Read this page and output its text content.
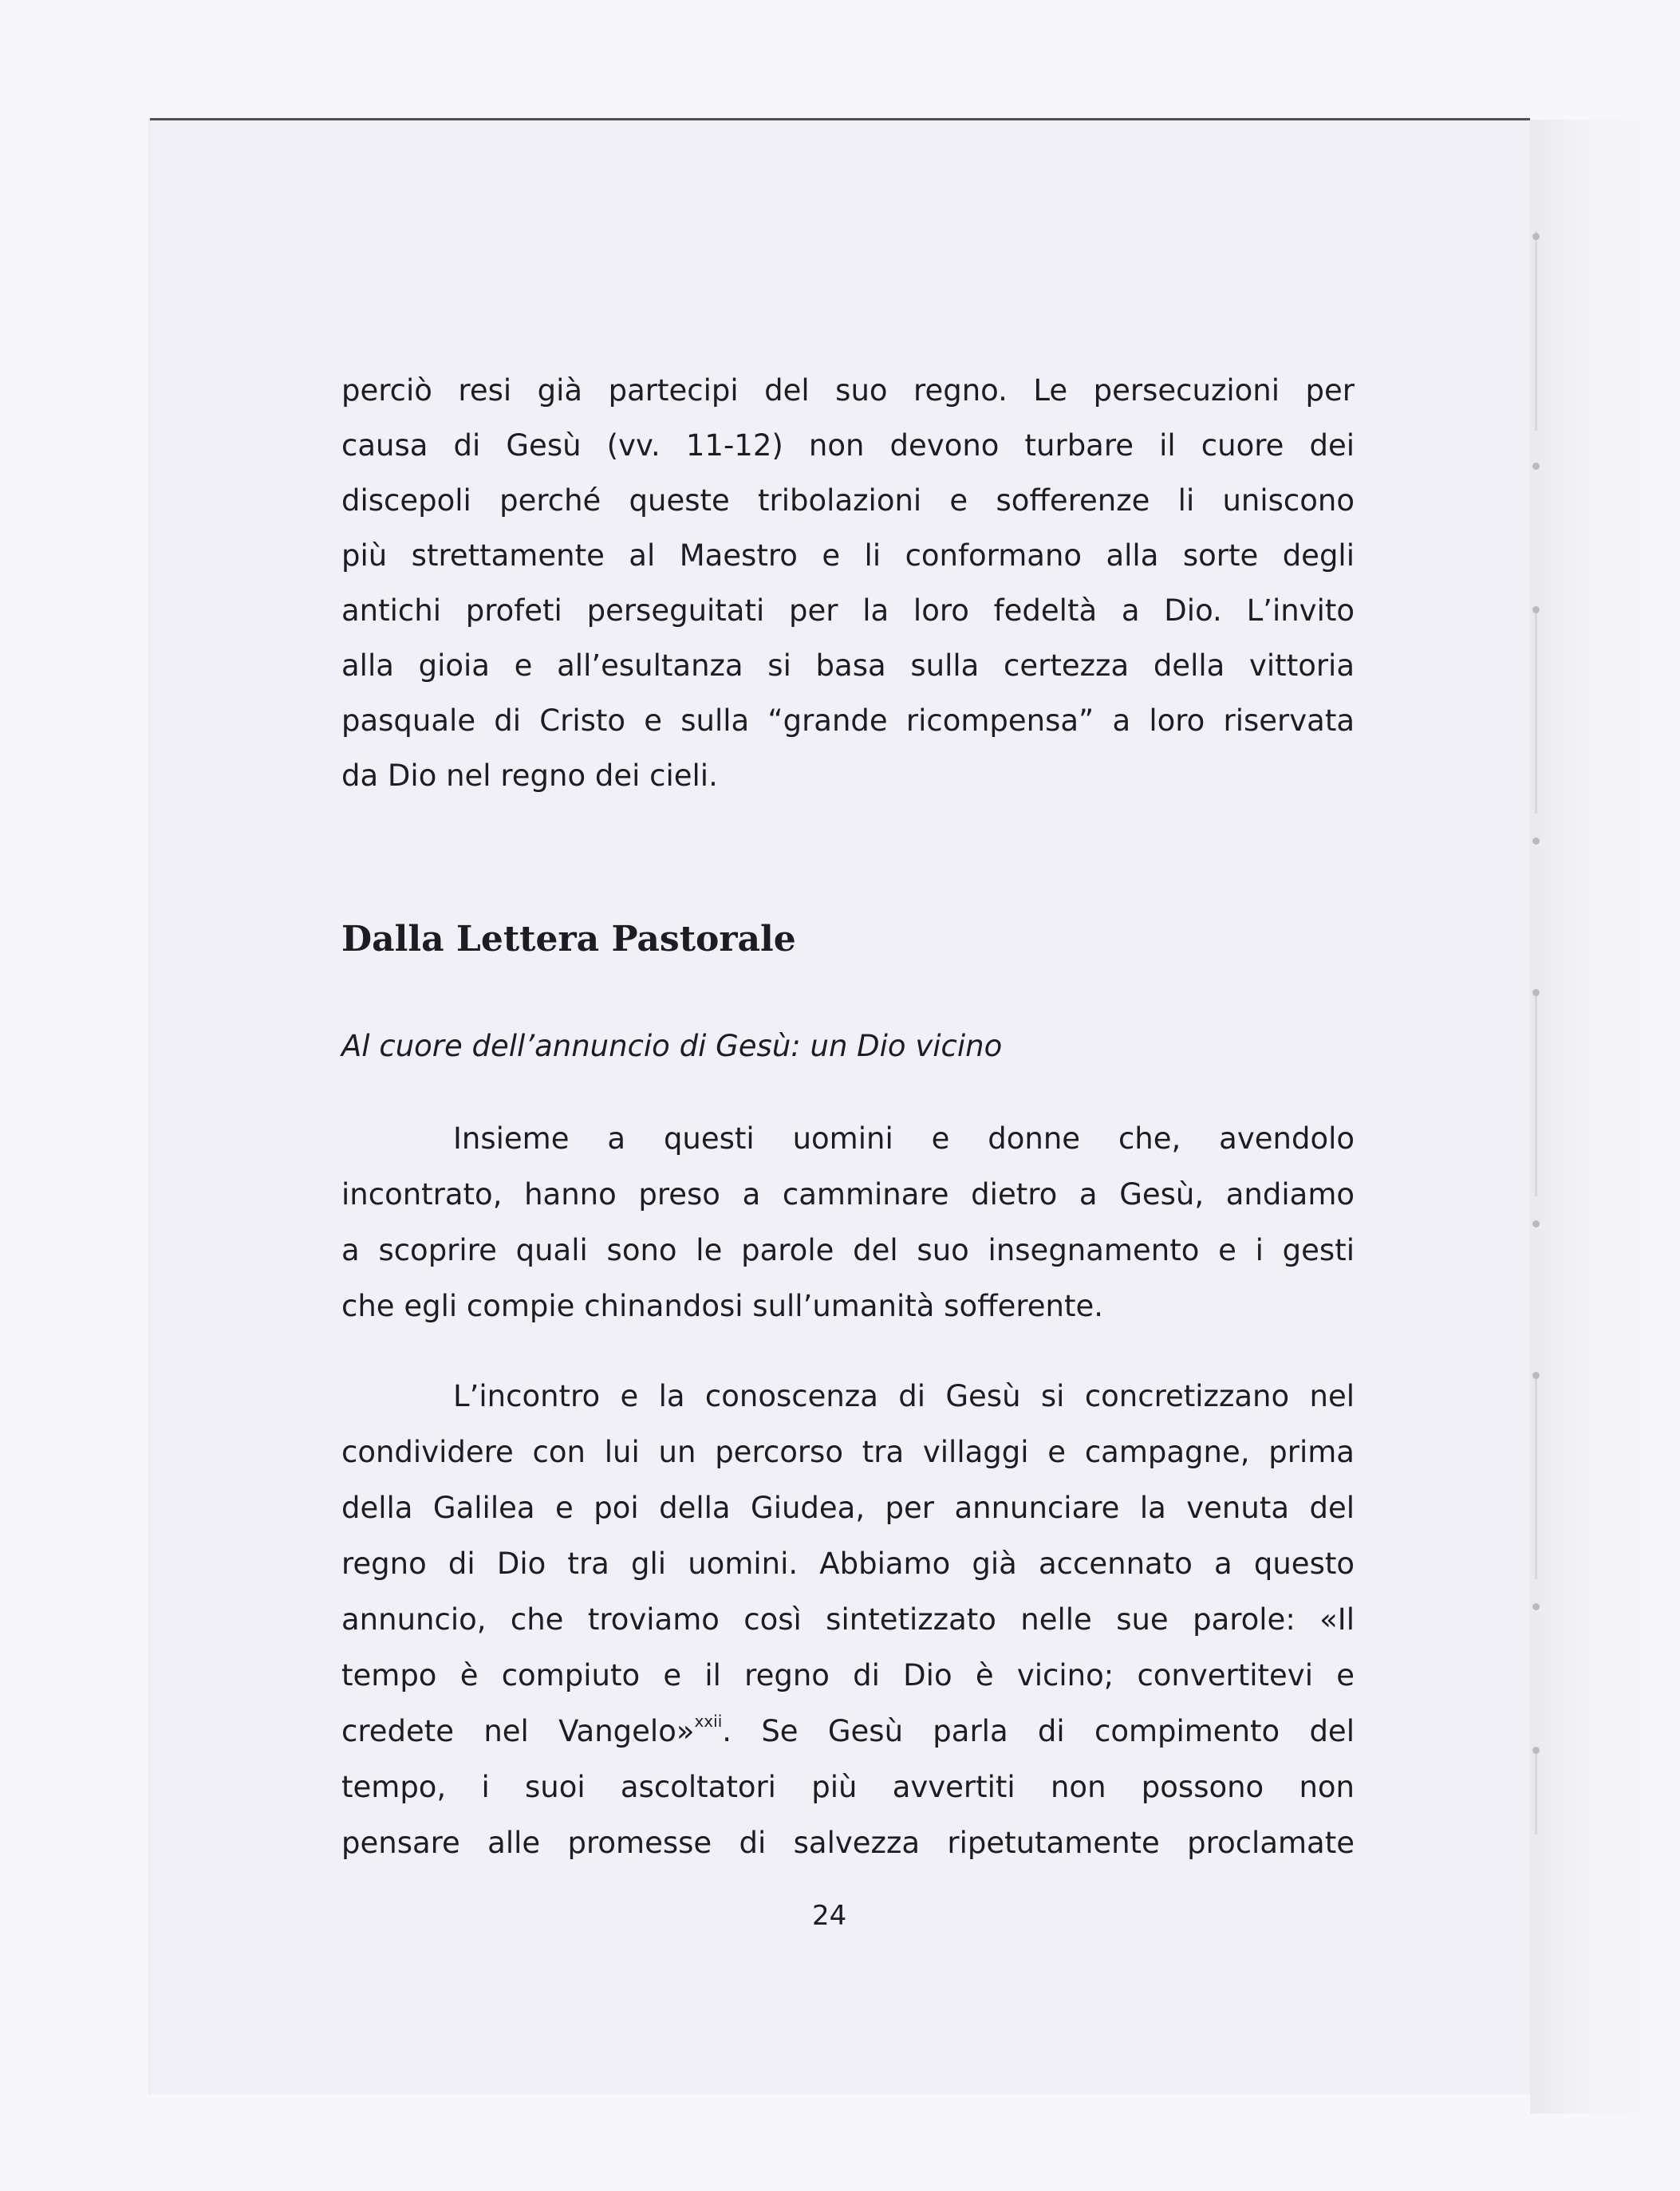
perciò resi già partecipi del suo regno. Le persecuzioni per
causa di Gesù (vv. 11-12) non devono turbare il cuore dei
discepoli perché queste tribolazioni e sofferenze li uniscono
più strettamente al Maestro e li conformano alla sorte degli
antichi profeti perseguitati per la loro fedeltà a Dio. L’invito
alla gioia e all’esultanza si basa sulla certezza della vittoria
pasquale di Cristo e sulla “grande ricompensa” a loro riservata
da Dio nel regno dei cieli.
Dalla Lettera Pastorale
Al cuore dell’annuncio di Gesù: un Dio vicino
Insieme a questi uomini e donne che, avendolo
incontrato, hanno preso a camminare dietro a Gesù, andiamo
a scoprire quali sono le parole del suo insegnamento e i gesti
che egli compie chinandosi sull’umanità sofferente.
L’incontro e la conoscenza di Gesù si concretizzano nel
condividere con lui un percorso tra villaggi e campagne, prima
della Galilea e poi della Giudea, per annunciare la venuta del
regno di Dio tra gli uomini. Abbiamo già accennato a questo
annuncio, che troviamo così sintetizzato nelle sue parole: «Il
tempo è compiuto e il regno di Dio è vicino; convertitevi e
credete nel Vangelo»$^{xxii}$. Se Gesù parla di compimento del
tempo, i suoi ascoltatori più avvertiti non possono non
pensare alle promesse di salvezza ripetutamente proclamate
24
